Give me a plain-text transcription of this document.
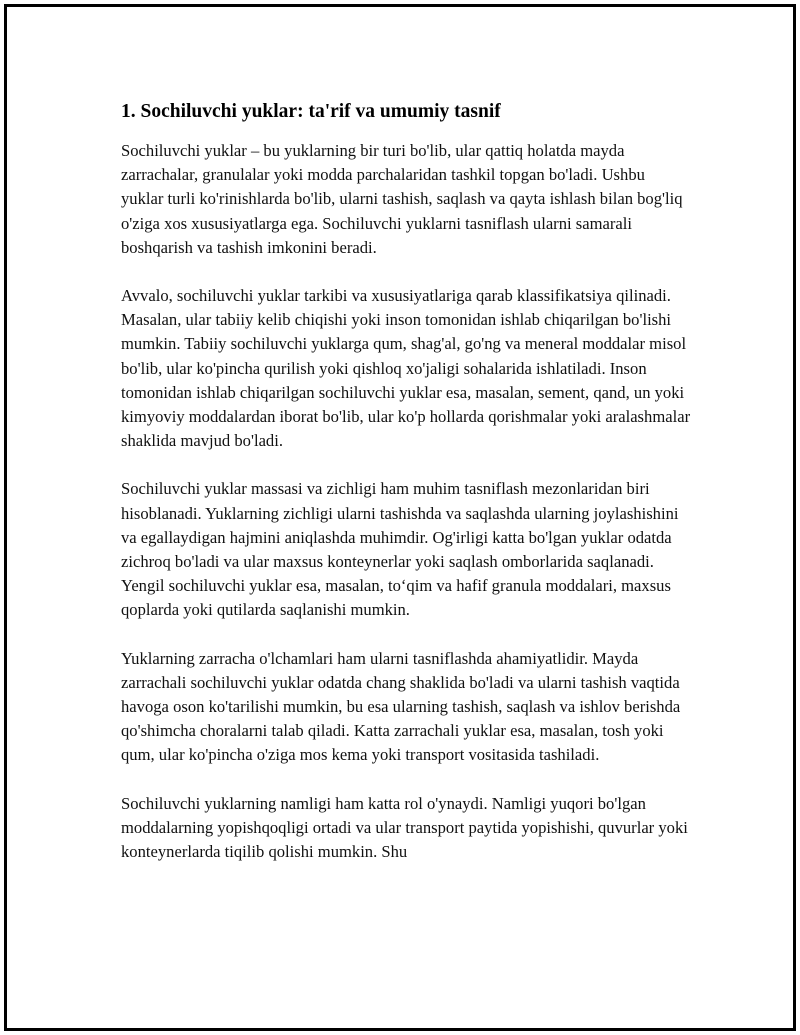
1. Sochiluvchi yuklar: ta'rif va umumiy tasnif

Sochiluvchi yuklar – bu yuklarning bir turi bo'lib, ular qattiq holatda mayda zarrachalar, granulalar yoki modda parchalaridan tashkil topgan bo'ladi. Ushbu yuklar turli ko'rinishlarda bo'lib, ularni tashish, saqlash va qayta ishlash bilan bog'liq o'ziga xos xususiyatlarga ega. Sochiluvchi yuklarni tasniflash ularni samarali boshqarish va tashish imkonini beradi.

Avvalo, sochiluvchi yuklar tarkibi va xususiyatlariga qarab klassifikatsiya qilinadi. Masalan, ular tabiiy kelib chiqishi yoki inson tomonidan ishlab chiqarilgan bo'lishi mumkin. Tabiiy sochiluvchi yuklarga qum, shag'al, go'ng va meneral moddalar misol bo'lib, ular ko'pincha qurilish yoki qishloq xo'jaligi sohalarida ishlatiladi. Inson tomonidan ishlab chiqarilgan sochiluvchi yuklar esa, masalan, sement, qand, un yoki kimyoviy moddalardan iborat bo'lib, ular ko'p hollarda qorishmalar yoki aralashmalar shaklida mavjud bo'ladi.

Sochiluvchi yuklar massasi va zichligi ham muhim tasniflash mezonlaridan biri hisoblanadi. Yuklarning zichligi ularni tashishda va saqlashda ularning joylashishini va egallaydigan hajmini aniqlashda muhimdir. Og'irligi katta bo'lgan yuklar odatda zichroq bo'ladi va ular maxsus konteynerlar yoki saqlash omborlarida saqlanadi. Yengil sochiluvchi yuklar esa, masalan, to‘qim va hafif granula moddalari, maxsus qoplarda yoki qutilarda saqlanishi mumkin.

Yuklarning zarracha o'lchamlari ham ularni tasniflashda ahamiyatlidir. Mayda zarrachali sochiluvchi yuklar odatda chang shaklida bo'ladi va ularni tashish vaqtida havoga oson ko'tarilishi mumkin, bu esa ularning tashish, saqlash va ishlov berishda qo'shimcha choralarni talab qiladi. Katta zarrachali yuklar esa, masalan, tosh yoki qum, ular ko'pincha o'ziga mos kema yoki transport vositasida tashiladi.

Sochiluvchi yuklarning namligi ham katta rol o'ynaydi. Namligi yuqori bo'lgan moddalarning yopishqoqligi ortadi va ular transport paytida yopishishi, quvurlar yoki konteynerlarda tiqilib qolishi mumkin. Shu
